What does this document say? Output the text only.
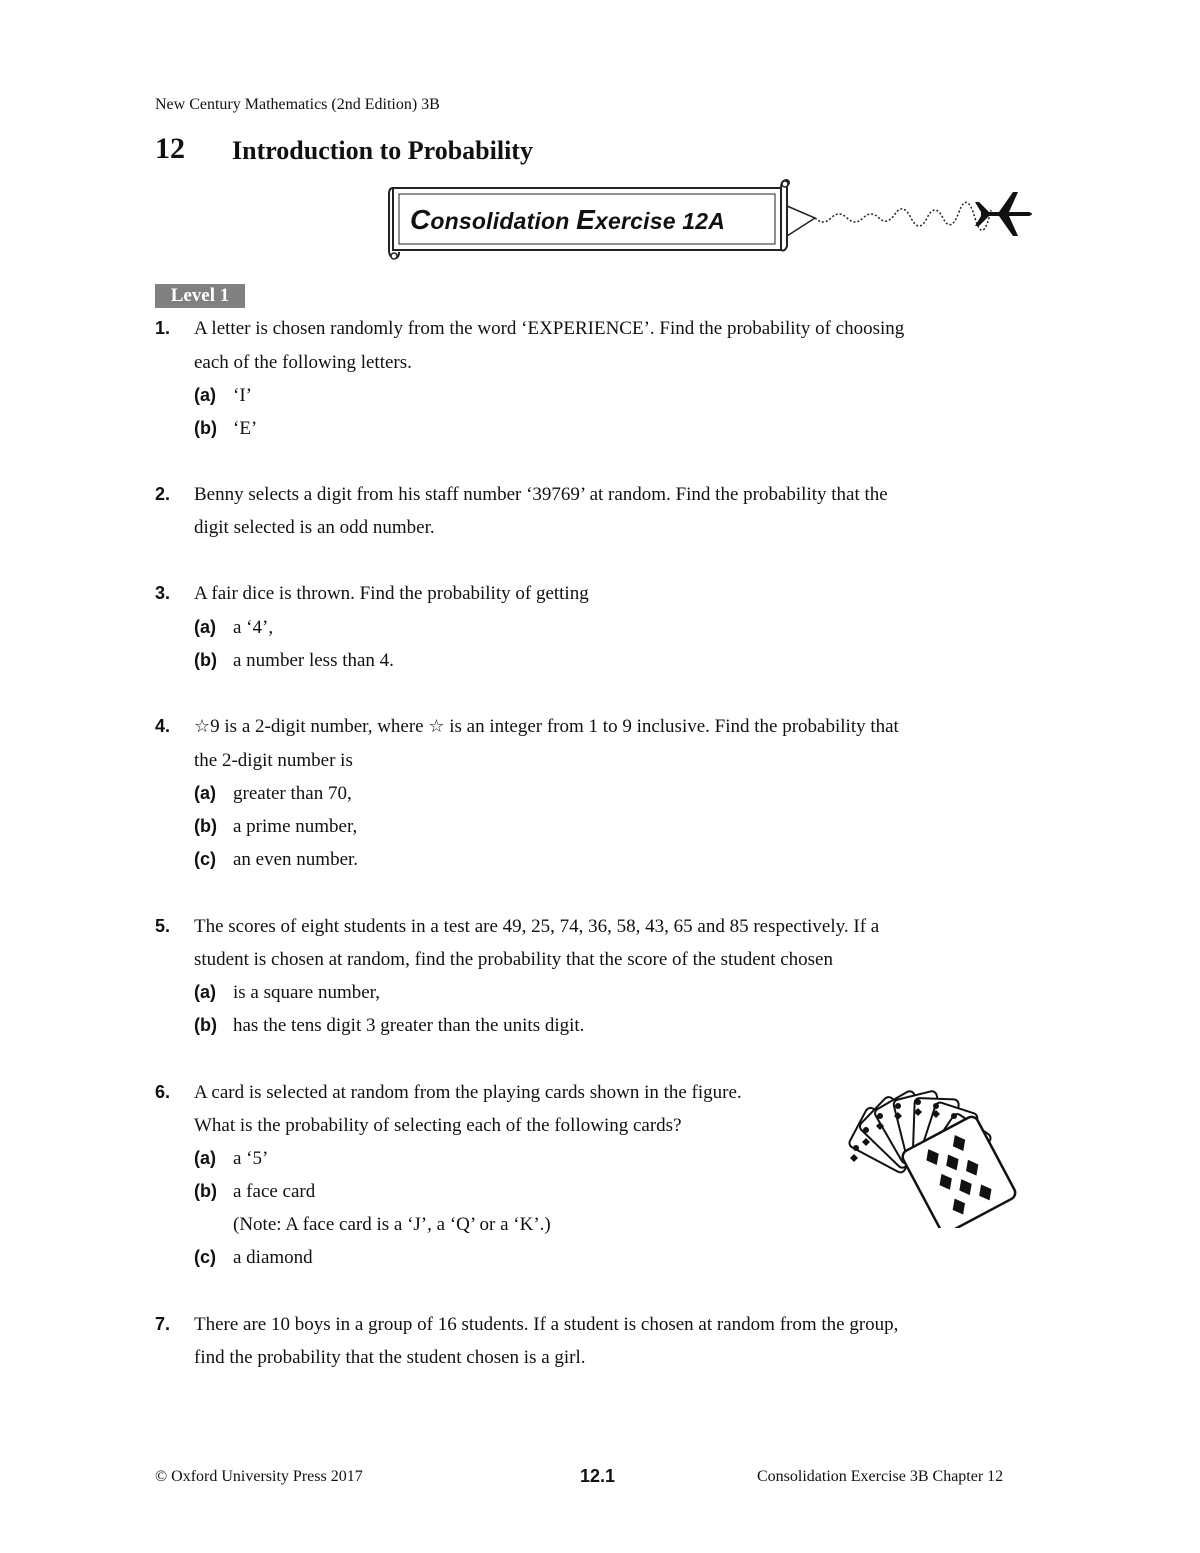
New Century Mathematics (2nd Edition) 3B
12 Introduction to Probability
Consolidation Exercise 12A
Level 1
1. A letter is chosen randomly from the word ‘EXPERIENCE’. Find the probability of choosing
each of the following letters.
(a) ‘I’
(b) ‘E’
2. Benny selects a digit from his staff number ‘39769’ at random. Find the probability that the
digit selected is an odd number.
3. A fair dice is thrown. Find the probability of getting
(a) a ‘4’,
(b) a number less than 4.
4. ☆9 is a 2-digit number, where ☆ is an integer from 1 to 9 inclusive. Find the probability that
the 2-digit number is
(a) greater than 70,
(b) a prime number,
(c) an even number.
5. The scores of eight students in a test are 49, 25, 74, 36, 58, 43, 65 and 85 respectively. If a
student is chosen at random, find the probability that the score of the student chosen
(a) is a square number,
(b) has the tens digit 3 greater than the units digit.
6. A card is selected at random from the playing cards shown in the figure.
What is the probability of selecting each of the following cards?
(a) a ‘5’
(b) a face card
(Note: A face card is a ‘J’, a ‘Q’ or a ‘K’.)
(c) a diamond
7. There are 10 boys in a group of 16 students. If a student is chosen at random from the group,
find the probability that the student chosen is a girl.
© Oxford University Press 2017	12.1	Consolidation Exercise 3B Chapter 12
